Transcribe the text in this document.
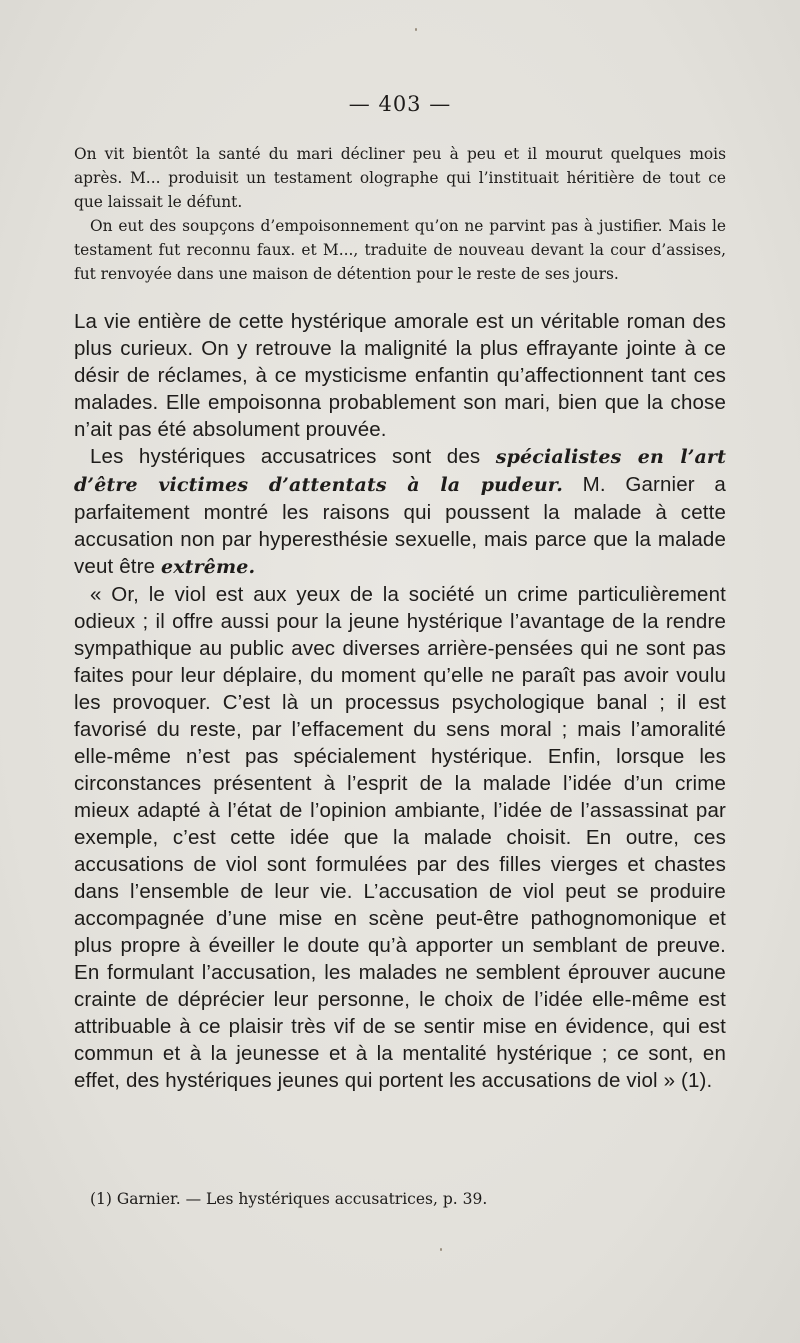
— 403 —

On vit bientôt la santé du mari décliner peu à peu et il mourut quelques mois après. M... produisit un testament olographe qui l’instituait héritière de tout ce que laissait le défunt.

On eut des soupçons d’empoisonnement qu’on ne parvint pas à justifier. Mais le testament fut reconnu faux. et M..., traduite de nouveau devant la cour d’assises, fut renvoyée dans une maison de détention pour le reste de ses jours.

La vie entière de cette hystérique amorale est un véritable roman des plus curieux. On y retrouve la malignité la plus effrayante jointe à ce désir de réclames, à ce mysticisme enfantin qu’affectionnent tant ces malades. Elle empoisonna probablement son mari, bien que la chose n’ait pas été absolument prouvée.

Les hystériques accusatrices sont des spécialistes en l’art d’être victimes d’attentats à la pudeur. M. Garnier a parfaitement montré les raisons qui poussent la malade à cette accusation non par hyperesthésie sexuelle, mais parce que la malade veut être extrême.

« Or, le viol est aux yeux de la société un crime particulièrement odieux ; il offre aussi pour la jeune hystérique l’avantage de la rendre sympathique au public avec diverses arrière-pensées qui ne sont pas faites pour leur déplaire, du moment qu’elle ne paraît pas avoir voulu les provoquer. C’est là un processus psychologique banal ; il est favorisé du reste, par l’effacement du sens moral ; mais l’amoralité elle-même n’est pas spécialement hystérique. Enfin, lorsque les circonstances présentent à l’esprit de la malade l’idée d’un crime mieux adapté à l’état de l’opinion ambiante, l’idée de l’assassinat par exemple, c’est cette idée que la malade choisit. En outre, ces accusations de viol sont formulées par des filles vierges et chastes dans l’ensemble de leur vie. L’accusation de viol peut se produire accompagnée d’une mise en scène peut-être pathognomonique et plus propre à éveiller le doute qu’à apporter un semblant de preuve. En formulant l’accusation, les malades ne semblent éprouver aucune crainte de déprécier leur personne, le choix de l’idée elle-même est attribuable à ce plaisir très vif de se sentir mise en évidence, qui est commun et à la jeunesse et à la mentalité hystérique ; ce sont, en effet, des hystériques jeunes qui portent les accusations de viol » (1).

(1) Garnier. — Les hystériques accusatrices, p. 39.
